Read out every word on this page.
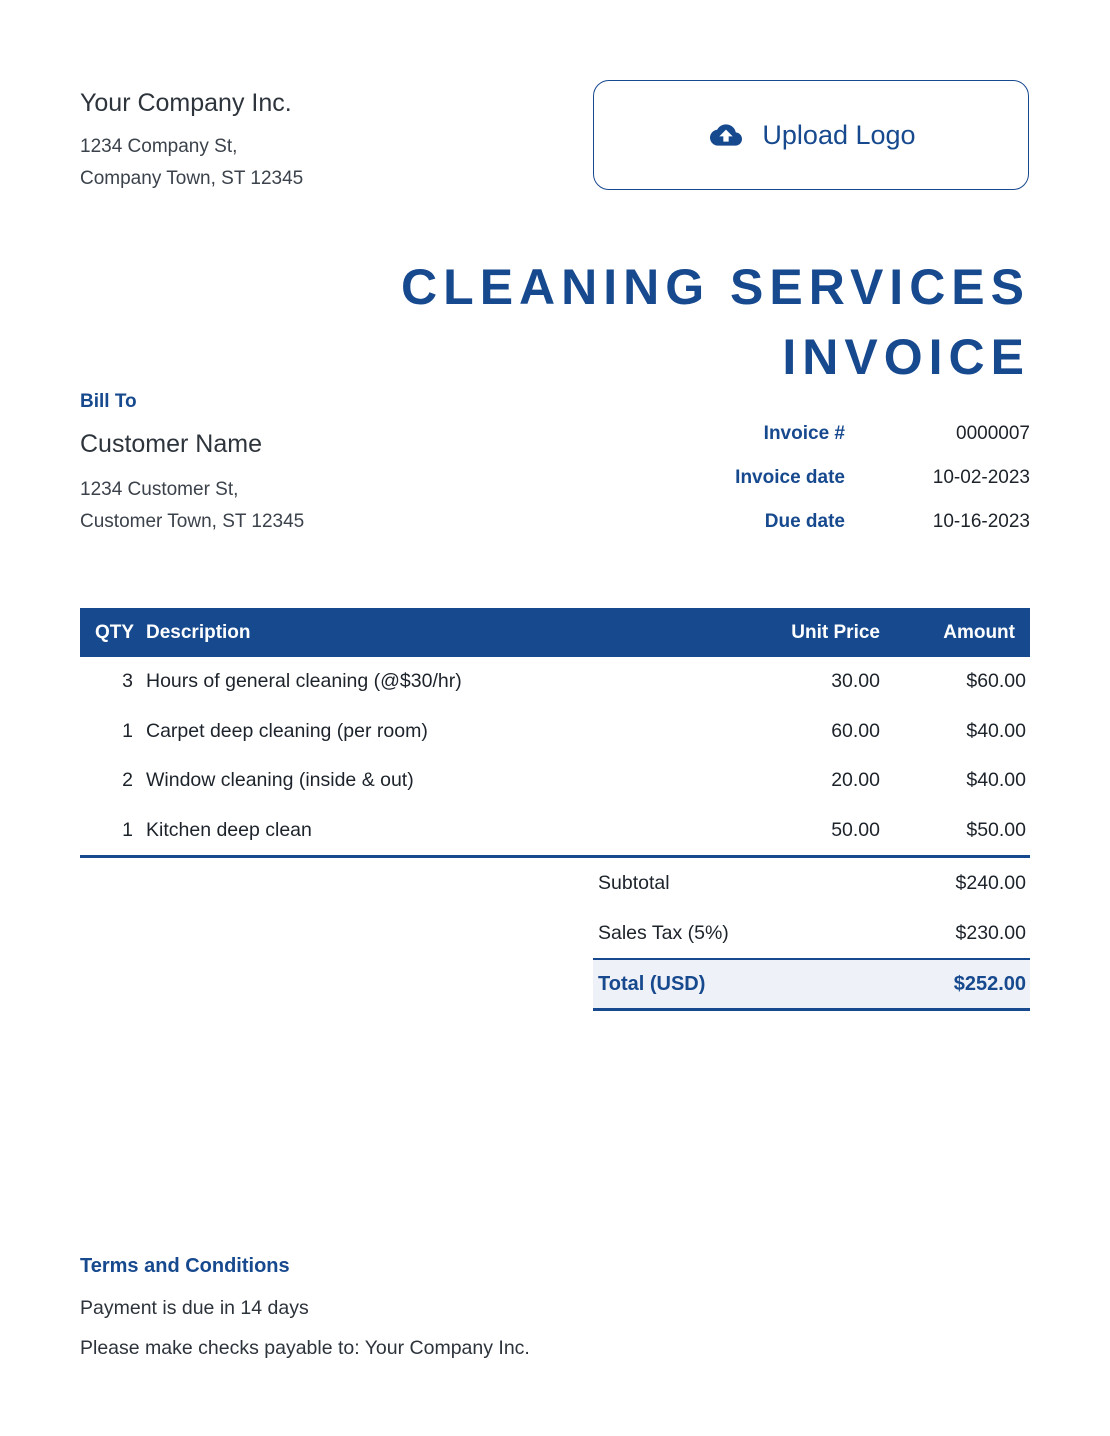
Your Company Inc.
1234 Company St,
Company Town, ST 12345
Upload Logo
CLEANING SERVICES
INVOICE
Bill To
Customer Name
1234 Customer St,
Customer Town, ST 12345
Invoice #	0000007
Invoice date	10-02-2023
Due date	10-16-2023
QTY Description	Unit Price	Amount
3 Hours of general cleaning (@$30/hr)	30.00	$60.00
1 Carpet deep cleaning (per room)	60.00	$40.00
2 Window cleaning (inside & out)	20.00	$40.00
1 Kitchen deep clean	50.00	$50.00
Subtotal	$240.00
Sales Tax (5%)	$230.00
Total (USD)	$252.00
Terms and Conditions
Payment is due in 14 days
Please make checks payable to: Your Company Inc.
